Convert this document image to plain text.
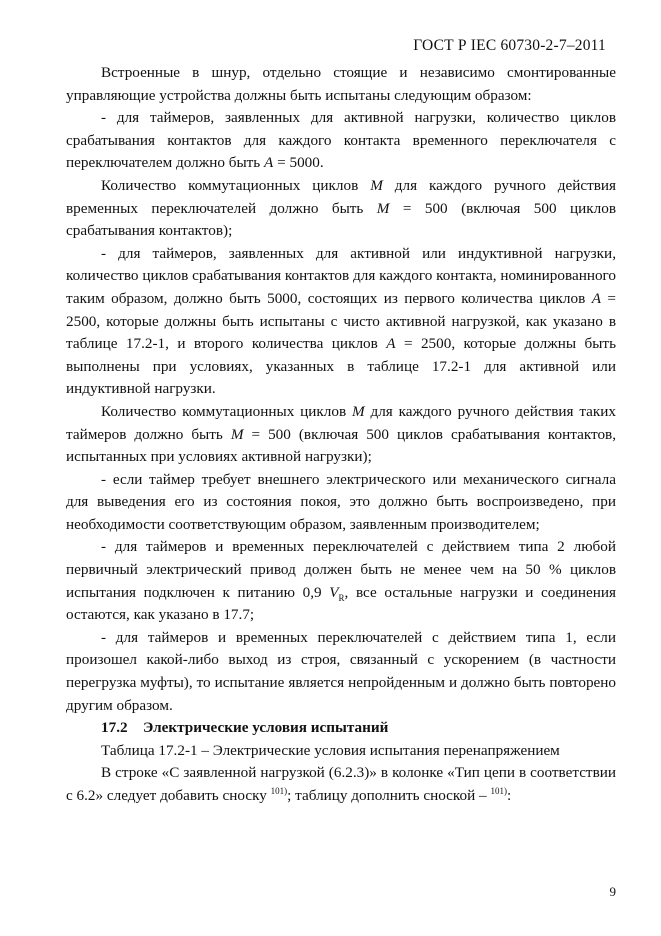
ГОСТ Р IEC 60730-2-7–2011

Встроенные в шнур, отдельно стоящие и независимо смонтированные управляющие устройства должны быть испытаны следующим образом:

- для таймеров, заявленных для активной нагрузки, количество циклов срабатывания контактов для каждого контакта временного переключателя с переключателем должно быть A = 5000.

Количество коммутационных циклов M для каждого ручного действия временных переключателей должно быть M = 500 (включая 500 циклов срабатывания контактов);

- для таймеров, заявленных для активной или индуктивной нагрузки, количество циклов срабатывания контактов для каждого контакта, номинированного таким образом, должно быть 5000, состоящих из первого количества циклов A = 2500, которые должны быть испытаны с чисто активной нагрузкой, как указано в таблице 17.2-1, и второго количества циклов A = 2500, которые должны быть выполнены при условиях, указанных в таблице 17.2-1 для активной или индуктивной нагрузки.

Количество коммутационных циклов M для каждого ручного действия таких таймеров должно быть M = 500 (включая 500 циклов срабатывания контактов, испытанных при условиях активной нагрузки);

- если таймер требует внешнего электрического или механического сигнала для выведения его из состояния покоя, это должно быть воспроизведено, при необходимости соответствующим образом, заявленным производителем;

- для таймеров и временных переключателей с действием типа 2 любой первичный электрический привод должен быть не менее чем на 50 % циклов испытания подключен к питанию 0,9 $V_R$, все остальные нагрузки и соединения остаются, как указано в 17.7;

- для таймеров и временных переключателей с действием типа 1, если произошел какой-либо выход из строя, связанный с ускорением (в частности перегрузка муфты), то испытание является непройденным и должно быть повторено другим образом.

17.2 Электрические условия испытаний

Таблица 17.2-1 – Электрические условия испытания перенапряжением

В строке «С заявленной нагрузкой (6.2.3)» в колонке «Тип цепи в соответствии с 6.2» следует добавить сноску $^{101)}$; таблицу дополнить сноской – $^{101)}$:

9
